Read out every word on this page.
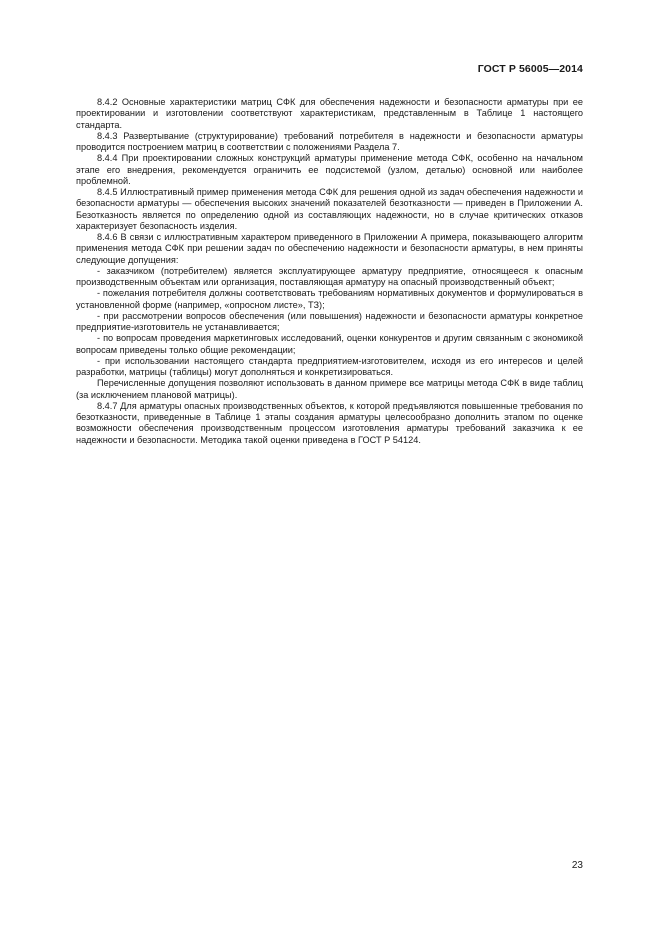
ГОСТ Р 56005—2014

8.4.2 Основные характеристики матриц СФК для обеспечения надежности и безопасности арматуры при ее проектировании и изготовлении соответствуют характеристикам, представленным в Таблице 1 настоящего стандарта.

8.4.3 Развертывание (структурирование) требований потребителя в надежности и безопасности арматуры проводится построением матриц в соответствии с положениями Раздела 7.

8.4.4 При проектировании сложных конструкций арматуры применение метода СФК, особенно на начальном этапе его внедрения, рекомендуется ограничить ее подсистемой (узлом, деталью) основной или наиболее проблемной.

8.4.5 Иллюстративный пример применения метода СФК для решения одной из задач обеспечения надежности и безопасности арматуры — обеспечения высоких значений показателей безотказности — приведен в Приложении А. Безотказность является по определению одной из составляющих надежности, но в случае критических отказов характеризует безопасность изделия.

8.4.6 В связи с иллюстративным характером приведенного в Приложении А примера, показывающего алгоритм применения метода СФК при решении задач по обеспечению надежности и безопасности арматуры, в нем приняты следующие допущения:

- заказчиком (потребителем) является эксплуатирующее арматуру предприятие, относящееся к опасным производственным объектам или организация, поставляющая арматуру на опасный производственный объект;

- пожелания потребителя должны соответствовать требованиям нормативных документов и формулироваться в установленной форме (например, «опросном листе», ТЗ);

- при рассмотрении вопросов обеспечения (или повышения) надежности и безопасности арматуры конкретное предприятие-изготовитель не устанавливается;

- по вопросам проведения маркетинговых исследований, оценки конкурентов и другим связанным с экономикой вопросам приведены только общие рекомендации;

- при использовании настоящего стандарта предприятием-изготовителем, исходя из его интересов и целей разработки, матрицы (таблицы) могут дополняться и конкретизироваться.

Перечисленные допущения позволяют использовать в данном примере все матрицы метода СФК в виде таблиц (за исключением плановой матрицы).

8.4.7 Для арматуры опасных производственных объектов, к которой предъявляются повышенные требования по безотказности, приведенные в Таблице 1 этапы создания арматуры целесообразно дополнить этапом по оценке возможности обеспечения производственным процессом изготовления арматуры требований заказчика к ее надежности и безопасности. Методика такой оценки приведена в ГОСТ Р 54124.

23
